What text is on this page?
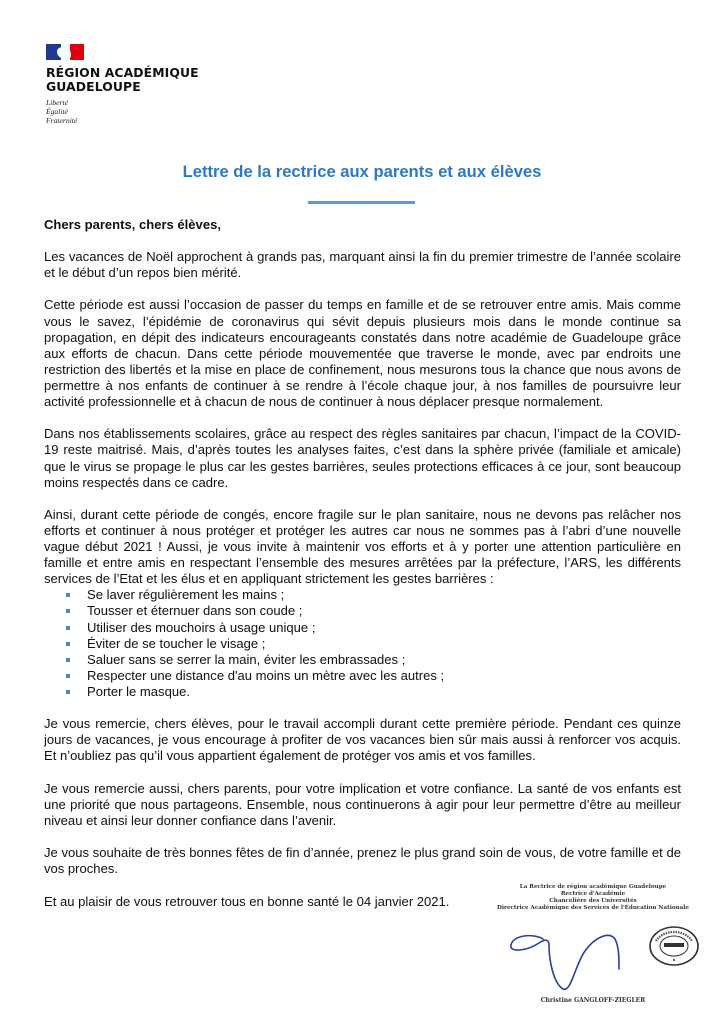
RÉGION ACADÉMIQUE
GUADELOUPE
Liberté
Égalité
Fraternité
Lettre de la rectrice aux parents et aux élèves

Chers parents, chers élèves,

Les vacances de Noël approchent à grands pas, marquant ainsi la fin du premier trimestre de l’année scolaire et le début d’un repos bien mérité.

Cette période est aussi l’occasion de passer du temps en famille et de se retrouver entre amis. Mais comme vous le savez, l’épidémie de coronavirus qui sévit depuis plusieurs mois dans le monde continue sa propagation, en dépit des indicateurs encourageants constatés dans notre académie de Guadeloupe grâce aux efforts de chacun. Dans cette période mouvementée que traverse le monde, avec par endroits une restriction des libertés et la mise en place de confinement, nous mesurons tous la chance que nous avons de permettre à nos enfants de continuer à se rendre à l’école chaque jour, à nos familles de poursuivre leur activité professionnelle et à chacun de nous de continuer à nous déplacer presque normalement.

Dans nos établissements scolaires, grâce au respect des règles sanitaires par chacun, l’impact de la COVID-19 reste maitrisé. Mais, d’après toutes les analyses faites, c’est dans la sphère privée (familiale et amicale) que le virus se propage le plus car les gestes barrières, seules protections efficaces à ce jour, sont beaucoup moins respectés dans ce cadre.

Ainsi, durant cette période de congés, encore fragile sur le plan sanitaire, nous ne devons pas relâcher nos efforts et continuer à nous protéger et protéger les autres car nous ne sommes pas à l’abri d’une nouvelle vague début 2021 ! Aussi, je vous invite à maintenir vos efforts et à y porter une attention particulière en famille et entre amis en respectant l’ensemble des mesures arrêtées par la préfecture, l’ARS, les différents services de l’Etat et les élus et en appliquant strictement les gestes barrières :

Se laver régulièrement les mains ;
Tousser et éternuer dans son coude ;
Utiliser des mouchoirs à usage unique ;
Éviter de se toucher le visage ;
Saluer sans se serrer la main, éviter les embrassades ;
Respecter une distance d'au moins un mètre avec les autres ;
Porter le masque.

Je vous remercie, chers élèves, pour le travail accompli durant cette première période. Pendant ces quinze jours de vacances, je vous encourage à profiter de vos vacances bien sûr mais aussi à renforcer vos acquis. Et n’oubliez pas qu’il vous appartient également de protéger vos amis et vos familles.

Je vous remercie aussi, chers parents, pour votre implication et votre confiance. La santé de vos enfants est une priorité que nous partageons. Ensemble, nous continuerons à agir pour leur permettre d’être au meilleur niveau et ainsi leur donner confiance dans l’avenir.

Je vous souhaite de très bonnes fêtes de fin d’année, prenez le plus grand soin de vous, de votre famille et de vos proches.

Et au plaisir de vous retrouver tous en bonne santé le 04 janvier 2021.

La Rectrice de région académique Guadeloupe
Rectrice d'Académie
Chancelière des Universités
Directrice Académique des Services de l'Éducation Nationale
Christine GANGLOFF-ZIEGLER
